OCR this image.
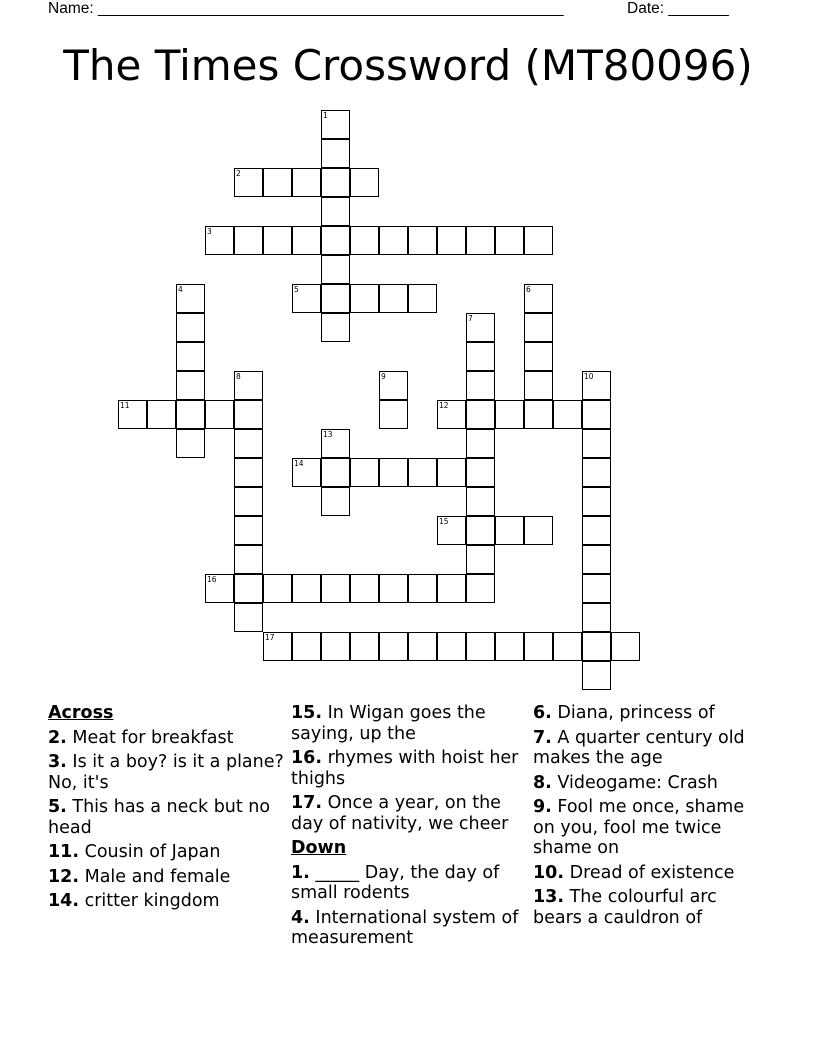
Name: ______________________________________________________	Date: _______
The Times Crossword (MT80096)
1
2
3
4	5	6
7
8	9	10
11	12
13
14
15
16
17
Across
2. Meat for breakfast
3. Is it a boy? is it a plane? No, it's
5. This has a neck but no head
11. Cousin of Japan
12. Male and female
14. critter kingdom
15. In Wigan goes the saying, up the
16. rhymes with hoist her thighs
17. Once a year, on the day of nativity, we cheer
Down
1. _____ Day, the day of small rodents
4. International system of measurement
6. Diana, princess of
7. A quarter century old makes the age
8. Videogame: Crash
9. Fool me once, shame on you, fool me twice shame on
10. Dread of existence
13. The colourful arc bears a cauldron of
